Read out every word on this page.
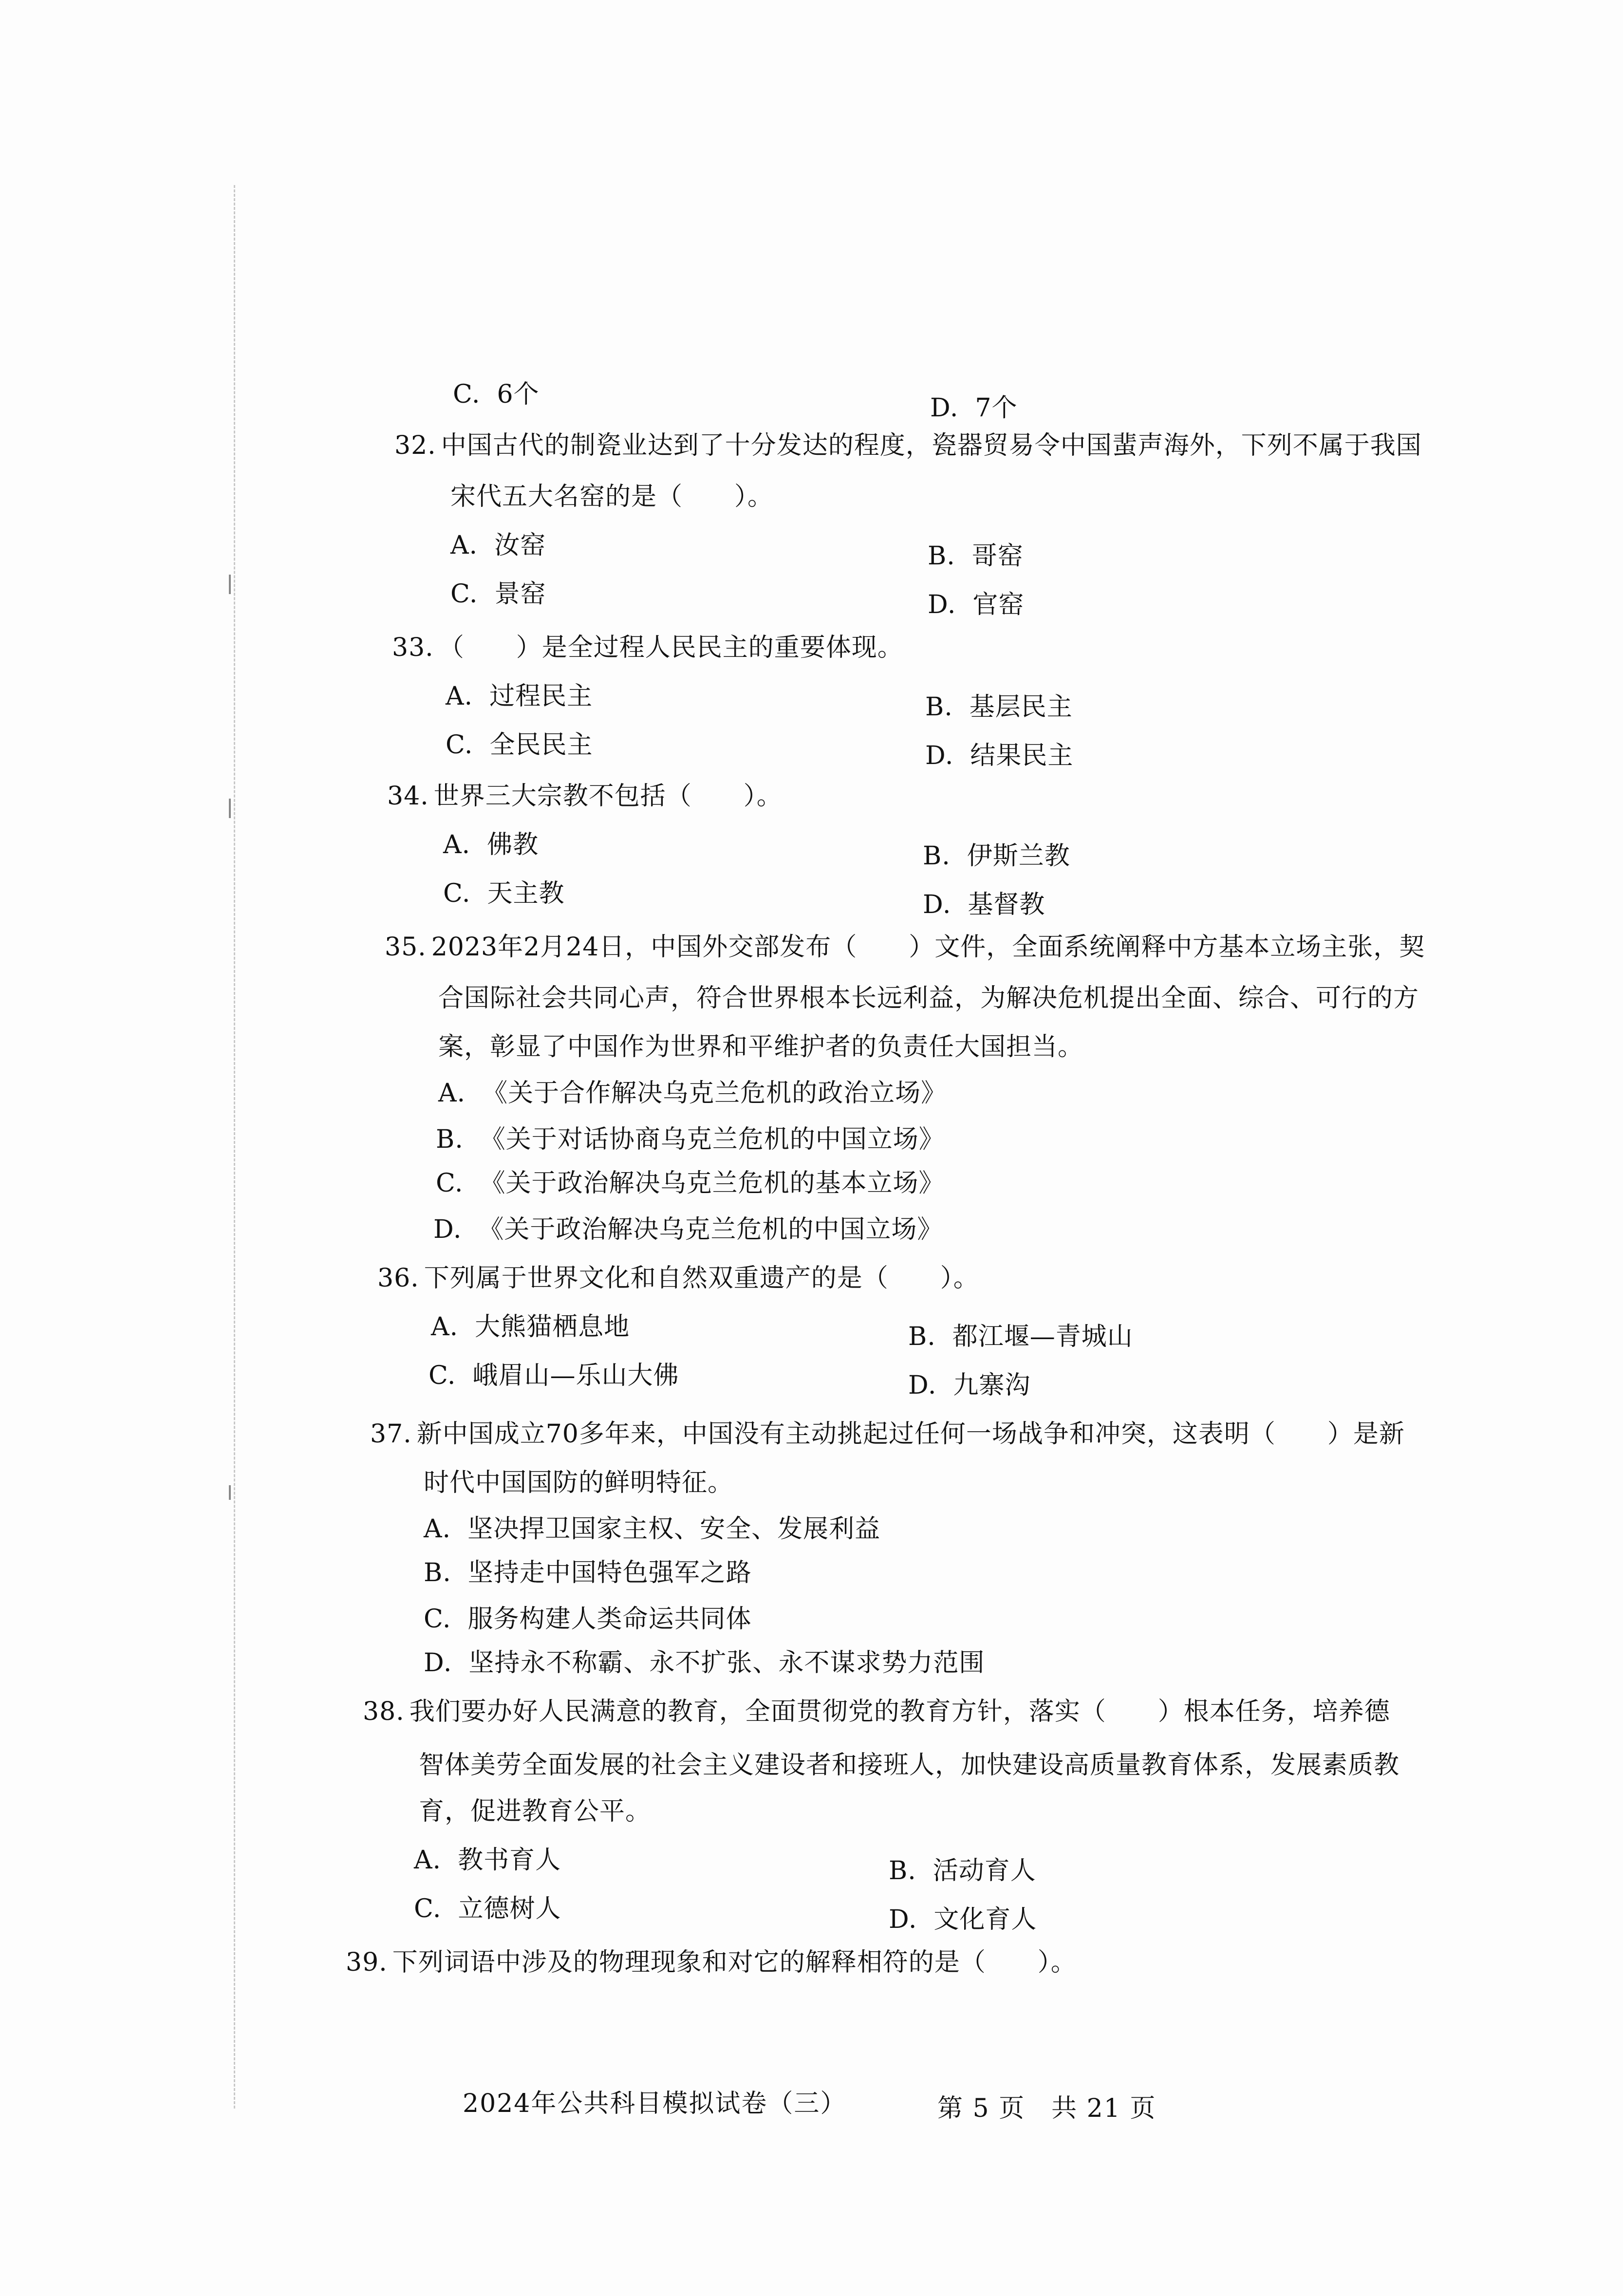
C. 6个	D. 7个
32. 中国古代的制瓷业达到了十分发达的程度，瓷器贸易令中国蜚声海外，下列不属于我国
宋代五大名窑的是（　　）。
A. 汝窑	B. 哥窑
C. 景窑	D. 官窑
33. （　　）是全过程人民民主的重要体现。
A. 过程民主	B. 基层民主
C. 全民民主	D. 结果民主
34. 世界三大宗教不包括（　　）。
A. 佛教	B. 伊斯兰教
C. 天主教	D. 基督教
35. 2023年2月24日，中国外交部发布（　　）文件，全面系统阐释中方基本立场主张，契
合国际社会共同心声，符合世界根本长远利益，为解决危机提出全面、综合、可行的方
案，彰显了中国作为世界和平维护者的负责任大国担当。
A. 《关于合作解决乌克兰危机的政治立场》
B. 《关于对话协商乌克兰危机的中国立场》
C. 《关于政治解决乌克兰危机的基本立场》
D. 《关于政治解决乌克兰危机的中国立场》
36. 下列属于世界文化和自然双重遗产的是（　　）。
A. 大熊猫栖息地	B. 都江堰—青城山
C. 峨眉山—乐山大佛	D. 九寨沟
37. 新中国成立70多年来，中国没有主动挑起过任何一场战争和冲突，这表明（　　）是新
时代中国国防的鲜明特征。
A. 坚决捍卫国家主权、安全、发展利益
B. 坚持走中国特色强军之路
C. 服务构建人类命运共同体
D. 坚持永不称霸、永不扩张、永不谋求势力范围
38. 我们要办好人民满意的教育，全面贯彻党的教育方针，落实（　　）根本任务，培养德
智体美劳全面发展的社会主义建设者和接班人，加快建设高质量教育体系，发展素质教
育，促进教育公平。
A. 教书育人	B. 活动育人
C. 立德树人	D. 文化育人
39. 下列词语中涉及的物理现象和对它的解释相符的是（　　）。
2024年公共科目模拟试卷（三）	第 5 页　共 21 页
